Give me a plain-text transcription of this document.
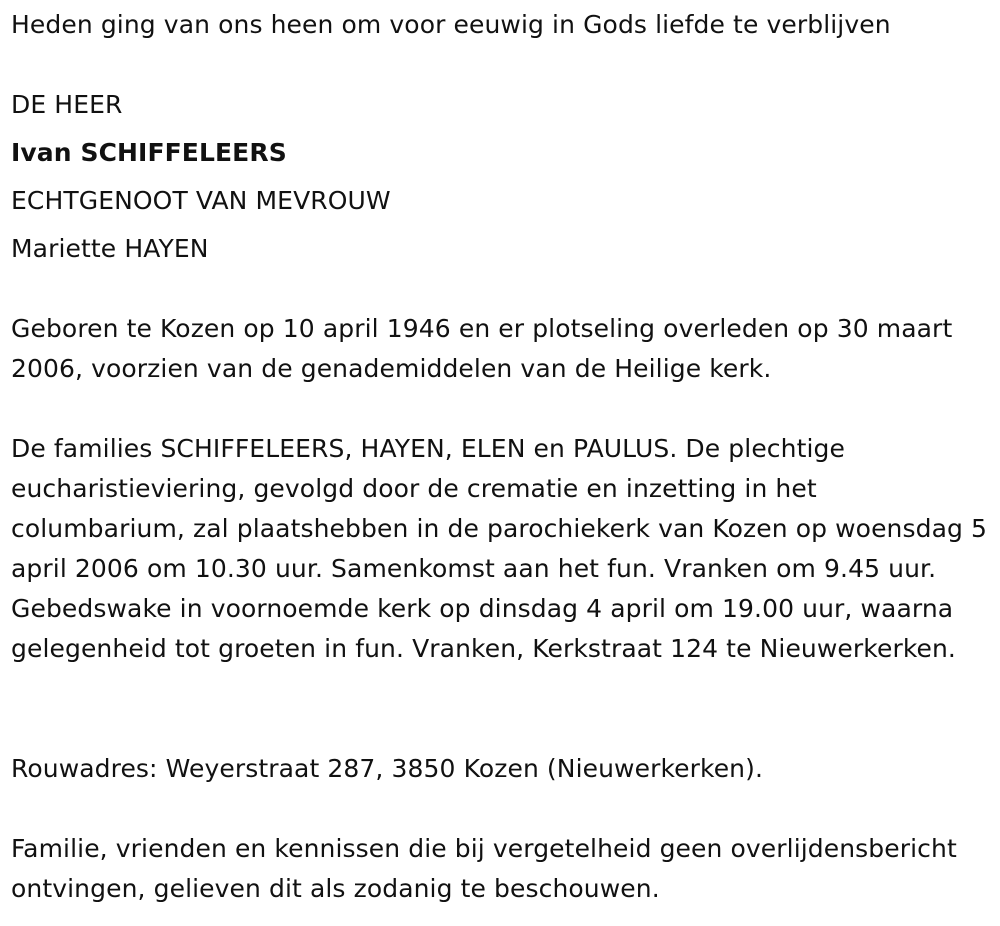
Heden ging van ons heen om voor eeuwig in Gods liefde te verblijven
DE HEER
Ivan SCHIFFELEERS
ECHTGENOOT VAN MEVROUW
Mariette HAYEN
Geboren te Kozen op 10 april 1946 en er plotseling overleden op 30 maart 2006, voorzien van de genademiddelen van de Heilige kerk.
De families SCHIFFELEERS, HAYEN, ELEN en PAULUS. De plechtige eucharistieviering, gevolgd door de crematie en inzetting in het columbarium, zal plaatshebben in de parochiekerk van Kozen op woensdag 5 april 2006 om 10.30 uur. Samenkomst aan het fun. Vranken om 9.45 uur. Gebedswake in voornoemde kerk op dinsdag 4 april om 19.00 uur, waarna gelegenheid tot groeten in fun. Vranken, Kerkstraat 124 te Nieuwerkerken.
Rouwadres: Weyerstraat 287, 3850 Kozen (Nieuwerkerken).
Familie, vrienden en kennissen die bij vergetelheid geen overlijdensbericht ontvingen, gelieven dit als zodanig te beschouwen.
